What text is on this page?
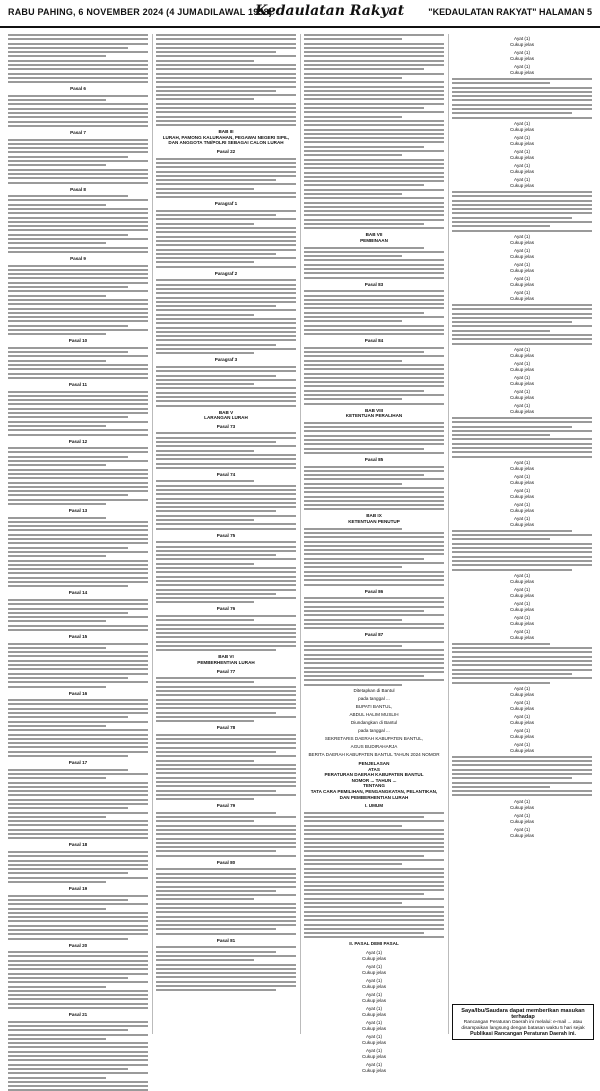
RABU PAHING, 6 NOVEMBER 2024 (4 JUMADILAWAL 1958)
Kedaulatan Rakyat	"KEDAULATAN RAKYAT" HALAMAN 5
Pasal 6
Pasal 7
Pasal 8
Pasal 9
Pasal 10
Pasal 11
Pasal 12
Pasal 13
Pasal 14
Pasal 15
Pasal 16
Pasal 17
Pasal 18
Pasal 19
Pasal 20
Pasal 21
BAB III
LURAH, PAMONG KALURAHAN, PEGAWAI NEGERI SIPIL,
DAN ANGGOTA TNI/POLRI SEBAGAI CALON LURAH
Pasal 22
Paragraf 1
Paragraf 2
Paragraf 3
BAB V
LARANGAN LURAH
Pasal 73
Pasal 74
Pasal 75
Pasal 76
BAB VI
PEMBERHENTIAN LURAH
Pasal 77
Pasal 78
Pasal 79
Pasal 80
Pasal 81
BAB VII
PEMBINAAN
Pasal 83
Pasal 84
BAB VIII
KETENTUAN PERALIHAN
Pasal 85
BAB IX
KETENTUAN PENUTUP
Pasal 86
Pasal 87
Ditetapkan di Bantul
pada tanggal ...
BUPATI BANTUL,
ABDUL HALIM MUSLIH
Diundangkan di Bantul
pada tanggal ...
SEKRETARIS DAERAH KABUPATEN BANTUL,
AGUS BUDIRAHARJA
BERITA DAERAH KABUPATEN BANTUL TAHUN 2024 NOMOR
PENJELASAN
ATAS
PERATURAN DAERAH KABUPATEN BANTUL
NOMOR ... TAHUN ...
TENTANG
TATA CARA PEMILIHAN, PENGANGKATAN, PELANTIKAN,
DAN PEMBERHENTIAN LURAH
I. UMUM
II. PASAL DEMI PASAL
Ayat (1)
Cukup jelas
Ayat (1)
Cukup jelas
Ayat (1)
Cukup jelas
Ayat (1)
Cukup jelas
Ayat (1)
Cukup jelas
Ayat (1)
Cukup jelas
Ayat (1)
Cukup jelas
Ayat (1)
Cukup jelas
Ayat (1)
Cukup jelas
Ayat (1)
Cukup jelas
Ayat (1)
Cukup jelas
Ayat (1)
Cukup jelas
Ayat (1)
Cukup jelas
Ayat (1)
Cukup jelas
Ayat (1)
Cukup jelas
Ayat (1)
Cukup jelas
Ayat (1)
Cukup jelas
Ayat (1)
Cukup jelas
Ayat (1)
Cukup jelas
Ayat (1)
Cukup jelas
Ayat (1)
Cukup jelas
Ayat (1)
Cukup jelas
Ayat (1)
Cukup jelas
Ayat (1)
Cukup jelas
Ayat (1)
Cukup jelas
Ayat (1)
Cukup jelas
Ayat (1)
Cukup jelas
Ayat (1)
Cukup jelas
Ayat (1)
Cukup jelas
Ayat (1)
Cukup jelas
Ayat (1)
Cukup jelas
Ayat (1)
Cukup jelas
Ayat (1)
Cukup jelas
Ayat (1)
Cukup jelas
Ayat (1)
Cukup jelas
Ayat (1)
Cukup jelas
Ayat (1)
Cukup jelas
Ayat (1)
Cukup jelas
Ayat (1)
Cukup jelas
Ayat (1)
Cukup jelas
Ayat (1)
Cukup jelas
Ayat (1)
Cukup jelas
Ayat (1)
Cukup jelas
Ayat (1)
Cukup jelas
Ayat (1)
Cukup jelas
Saya/Ibu/Saudara dapat memberikan masukan terhadap
Rancangan Peraturan Daerah ini melalui: e-mail ... atau disampaikan langsung dengan batasan waktu 5 hari sejak
Publikasi Rancangan Peraturan Daerah ini.
